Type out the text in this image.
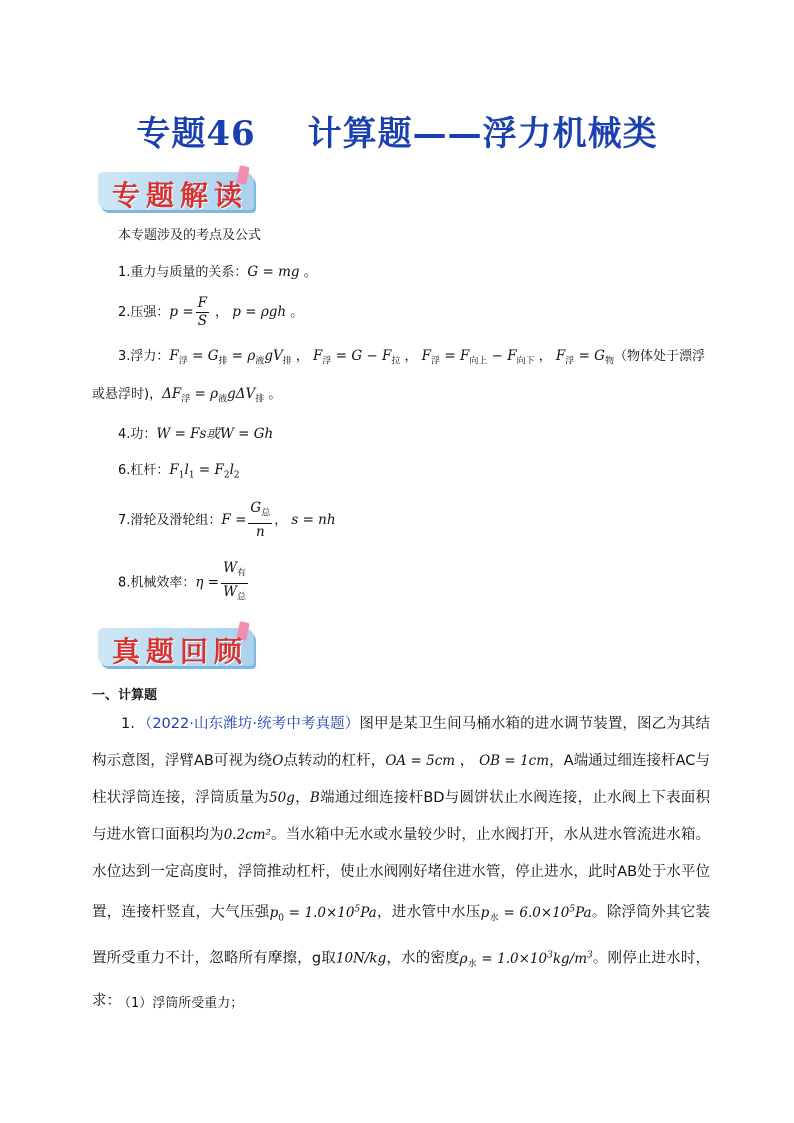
专题46 计算题——浮力机械类
专题解读
本专题涉及的考点及公式
1.重力与质量的关系：G = mg 。
2.压强：$p = \frac{F}{S}$ ， p = ρgh 。
3.浮力：$F_浮 = G_排 = \rho_液gV_排$ ， $F_浮 = G - F_拉$ ， $F_浮 = F_{向上} - F_{向下}$ ， $F_浮 = G_物$（物体处于漂浮
或悬浮时)，$\Delta F_浮 = \rho_液g\Delta V_排$ 。
4.功：W = Fs或W = Gh
6.杠杆：$F_1l_1 = F_2l_2$
7.滑轮及滑轮组：$F = \frac{G_总}{n}$ ， s = nh
8.机械效率：$\eta = \frac{W_有}{W_总}$
真题回顾
一、计算题
1．（2022·山东潍坊·统考中考真题）图甲是某卫生间马桶水箱的进水调节装置，图乙为其结构示意图，浮臂AB可视为绕O点转动的杠杆，OA = 5cm ， OB = 1cm，A端通过细连接杆AC与柱状浮筒连接，浮筒质量为50g，B端通过细连接杆BD与圆饼状止水阀连接，止水阀上下表面积与进水管口面积均为0.2cm²。当水箱中无水或水量较少时，止水阀打开，水从进水管流进水箱。水位达到一定高度时，浮筒推动杠杆，使止水阀刚好堵住进水管，停止进水，此时AB处于水平位置，连接杆竖直，大气压强$p_0 = 1.0\times 10^5Pa$，进水管中水压$p_水 = 6.0\times 10^5Pa$。除浮筒外其它装置所受重力不计，忽略所有摩擦，g取10N/kg，水的密度$\rho_水 = 1.0\times 10^3kg/m^3$。刚停止进水时，求：
（1）浮筒所受重力；
